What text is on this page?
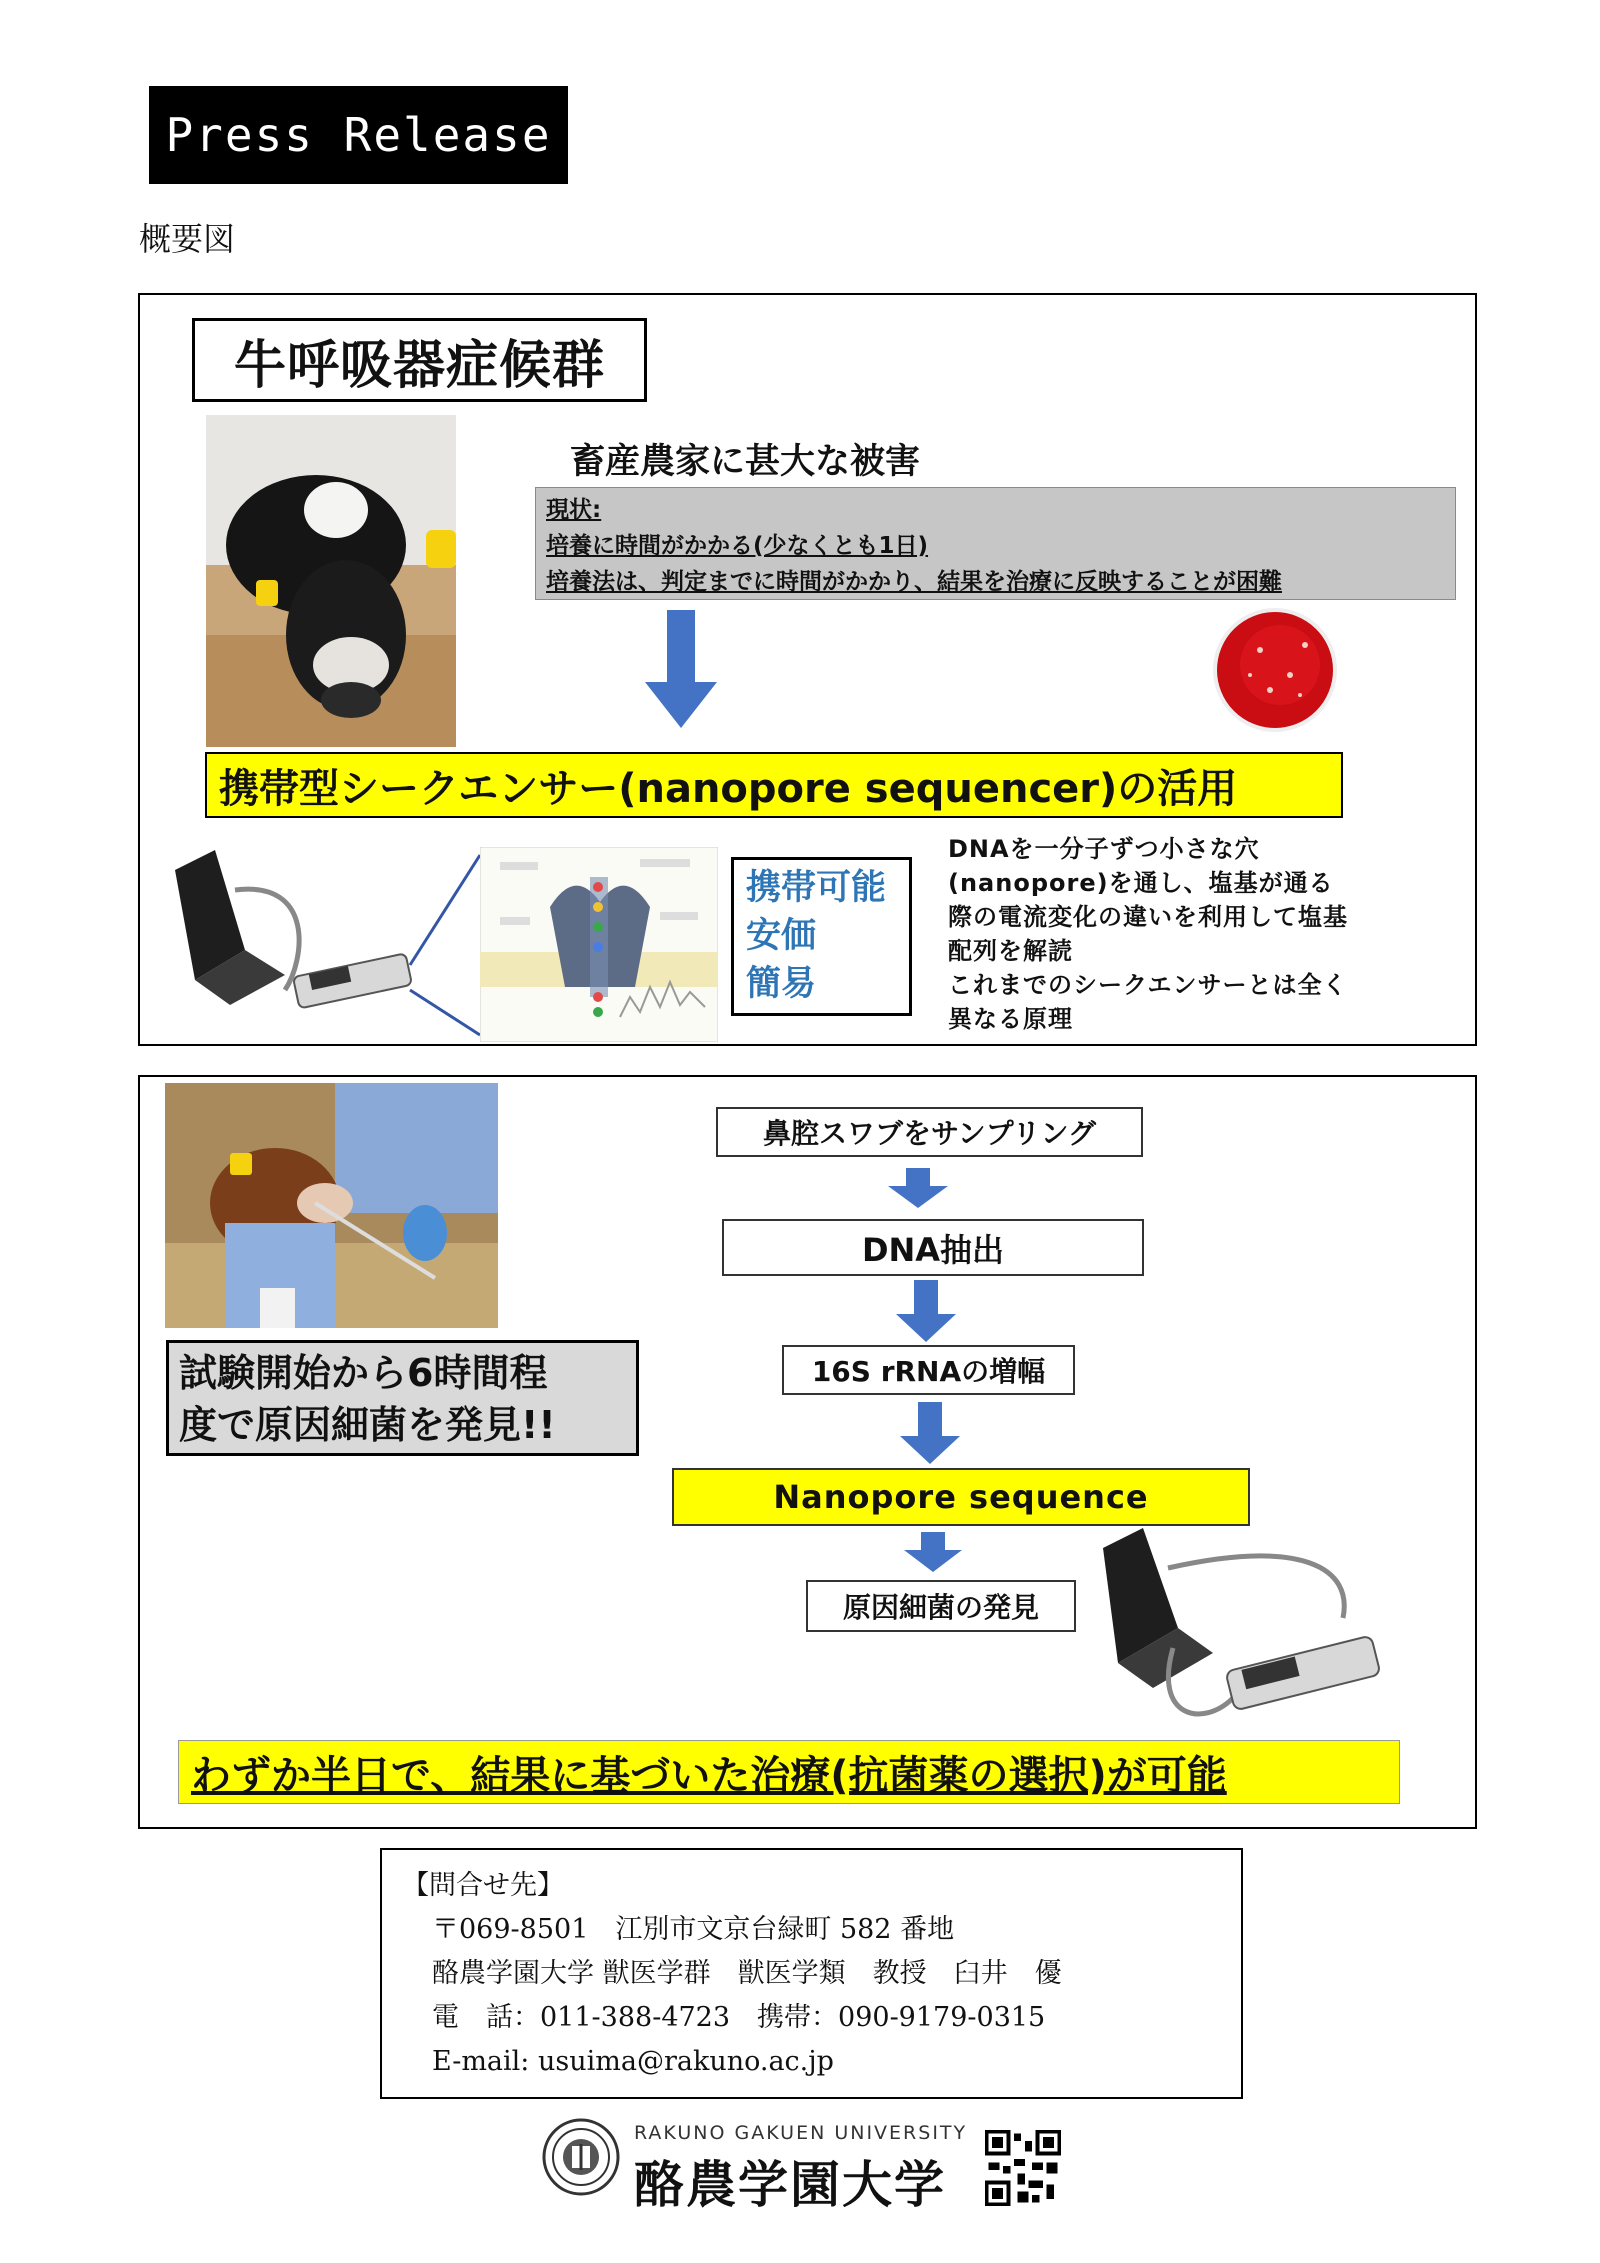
Press Release
概要図
牛呼吸器症候群
畜産農家に甚大な被害
現状:
培養に時間がかかる(少なくとも1日)
培養法は、判定までに時間がかかり、結果を治療に反映することが困難
携帯型シークエンサー(nanopore sequencer)の活用
携帯可能
安価
簡易
DNAを一分子ずつ小さな穴
(nanopore)を通し、塩基が通る
際の電流変化の違いを利用して塩基
配列を解読
これまでのシークエンサーとは全く
異なる原理
試験開始から6時間程
度で原因細菌を発見!!
鼻腔スワブをサンプリング
DNA抽出
16S rRNAの増幅
Nanopore sequence
原因細菌の発見
わずか半日で、結果に基づいた治療(抗菌薬の選択)が可能
【問合せ先】
〒069-8501　江別市文京台緑町 582 番地
酪農学園大学 獣医学群　獣医学類　教授　臼井　優
電　話：011-388-4723　携帯：090-9179-0315
E-mail: usuima@rakuno.ac.jp
RAKUNO GAKUEN UNIVERSITY
酪農学園大学
